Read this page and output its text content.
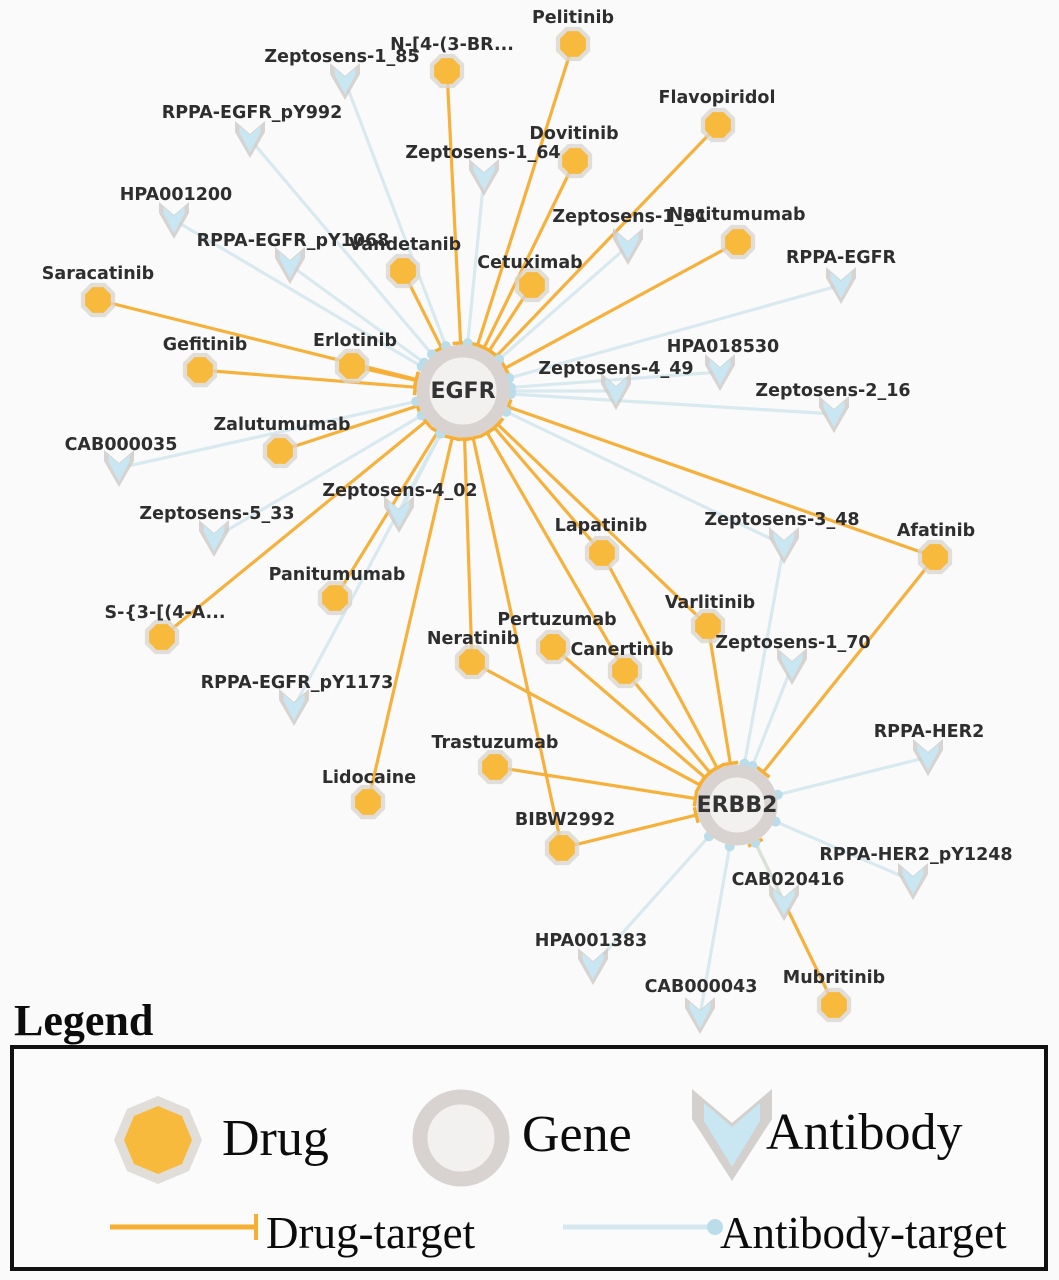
EGFR
ERBB2
Pelitinib
N-[4-(3-BR...
Dovitinib
Flavopiridol
Necitumumab
Cetuximab
Vandetanib
Saracatinib
Gefitinib	Erlotinib
Zalutumumab
Panitumumab
S-{3-[(4-A...
Lidocaine
Lapatinib
Varlitinib
Afatinib
Neratinib
Pertuzumab
Canertinib
Trastuzumab
BIBW2992
Mubritinib
Zeptosens-1_85
RPPA-EGFR_pY992
HPA001200
RPPA-EGFR_pY1068
Zeptosens-1_64
Zeptosens-1_51
RPPA-EGFR
HPA018530
Zeptosens-4_49
Zeptosens-2_16
CAB000035
Zeptosens-5_33
Zeptosens-4_02
RPPA-EGFR_pY1173
Zeptosens-3_48
Zeptosens-1_70
RPPA-HER2
RPPA-HER2_pY1248
CAB020416
HPA001383
CAB000043
Legend
Drug	Gene	Antibody
Drug-target	Antibody-target
